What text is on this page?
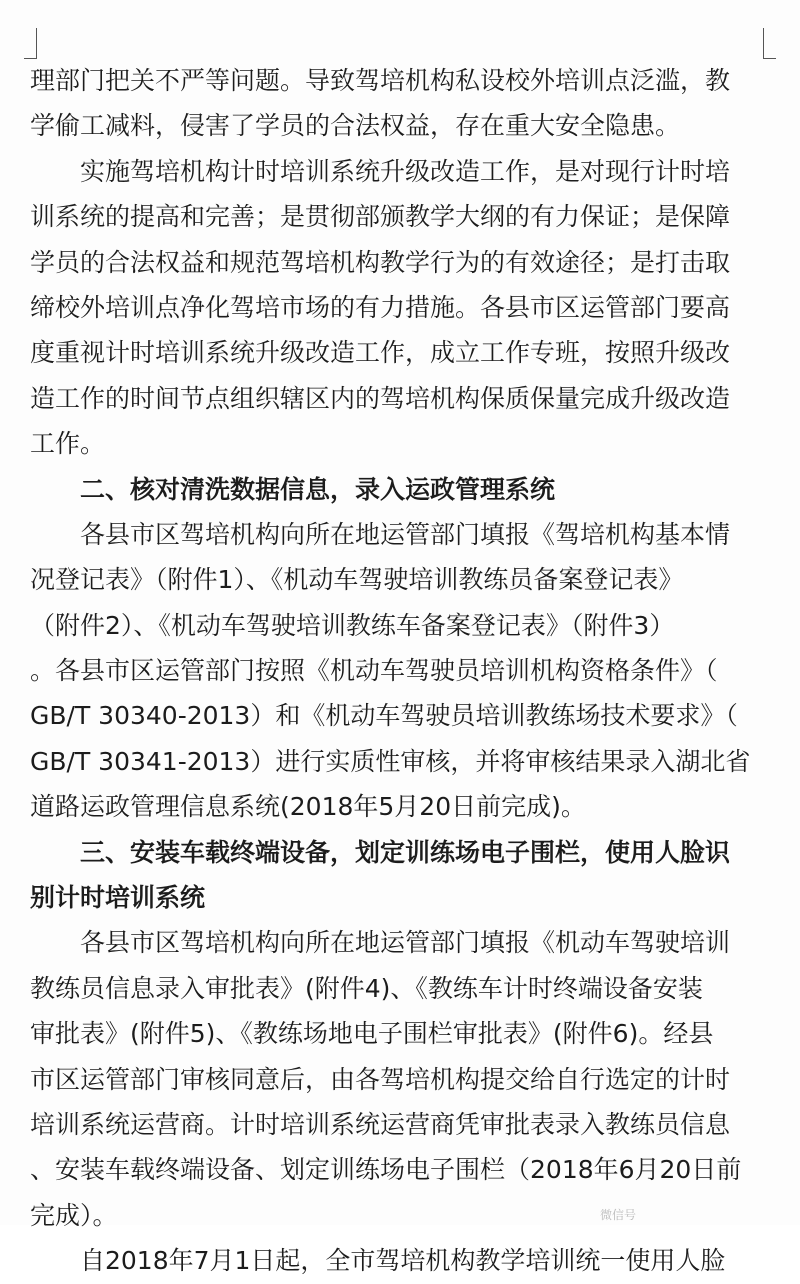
理部门把关不严等问题。导致驾培机构私设校外培训点泛滥，教
学偷工减料，侵害了学员的合法权益，存在重大安全隐患。
实施驾培机构计时培训系统升级改造工作，是对现行计时培
训系统的提高和完善；是贯彻部颁教学大纲的有力保证；是保障
学员的合法权益和规范驾培机构教学行为的有效途径；是打击取
缔校外培训点净化驾培市场的有力措施。各县市区运管部门要高
度重视计时培训系统升级改造工作，成立工作专班，按照升级改
造工作的时间节点组织辖区内的驾培机构保质保量完成升级改造
工作。
二、核对清洗数据信息，录入运政管理系统
各县市区驾培机构向所在地运管部门填报《驾培机构基本情
况登记表》（附件1）、《机动车驾驶培训教练员备案登记表》
（附件2）、《机动车驾驶培训教练车备案登记表》（附件3）
。各县市区运管部门按照《机动车驾驶员培训机构资格条件》（
GB/T 30340-2013）和《机动车驾驶员培训教练场技术要求》（
GB/T 30341-2013）进行实质性审核，并将审核结果录入湖北省
道路运政管理信息系统(2018年5月20日前完成)。
三、安装车载终端设备，划定训练场电子围栏，使用人脸识
别计时培训系统
各县市区驾培机构向所在地运管部门填报《机动车驾驶培训
教练员信息录入审批表》(附件4)、《教练车计时终端设备安装
审批表》(附件5)、《教练场地电子围栏审批表》(附件6)。经县
市区运管部门审核同意后，由各驾培机构提交给自行选定的计时
培训系统运营商。计时培训系统运营商凭审批表录入教练员信息
、安装车载终端设备、划定训练场电子围栏（2018年6月20日前
完成）。
自2018年7月1日起，全市驾培机构教学培训统一使用人脸
微信号
